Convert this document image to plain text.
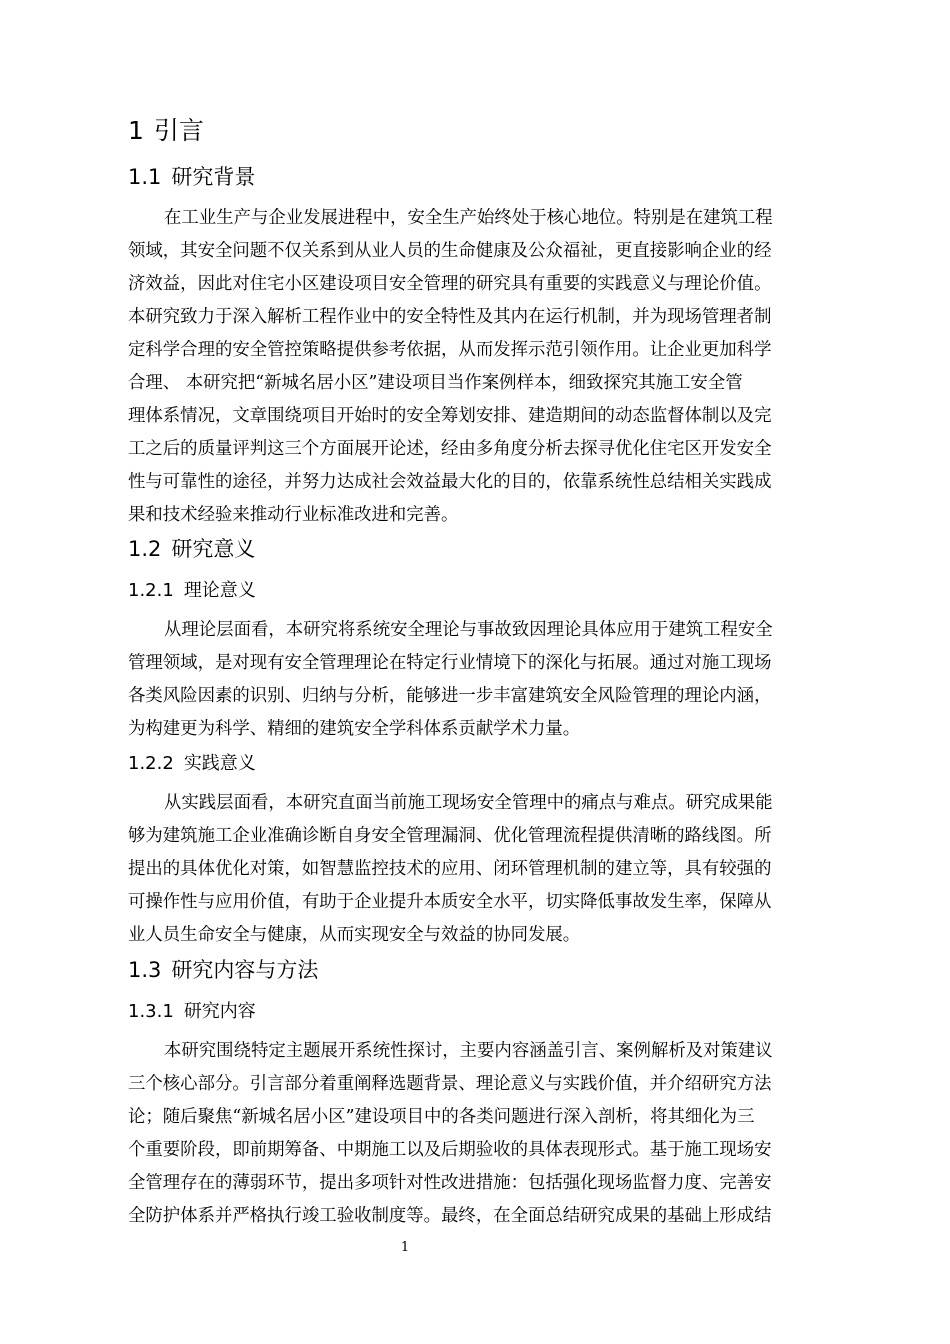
1 引言
1.1 研究背景
在工业生产与企业发展进程中，安全生产始终处于核心地位。特别是在建筑工程
领域，其安全问题不仅关系到从业人员的生命健康及公众福祉，更直接影响企业的经
济效益，因此对住宅小区建设项目安全管理的研究具有重要的实践意义与理论价值。
本研究致力于深入解析工程作业中的安全特性及其内在运行机制，并为现场管理者制
定科学合理的安全管控策略提供参考依据，从而发挥示范引领作用。让企业更加科学
合理、 本研究把“新城名居小区”建设项目当作案例样本，细致探究其施工安全管
理体系情况，文章围绕项目开始时的安全筹划安排、建造期间的动态监督体制以及完
工之后的质量评判这三个方面展开论述，经由多角度分析去探寻优化住宅区开发安全
性与可靠性的途径，并努力达成社会效益最大化的目的，依靠系统性总结相关实践成
果和技术经验来推动行业标准改进和完善。
1.2 研究意义
1.2.1 理论意义
从理论层面看，本研究将系统安全理论与事故致因理论具体应用于建筑工程安全
管理领域，是对现有安全管理理论在特定行业情境下的深化与拓展。通过对施工现场
各类风险因素的识别、归纳与分析，能够进一步丰富建筑安全风险管理的理论内涵，
为构建更为科学、精细的建筑安全学科体系贡献学术力量。
1.2.2 实践意义
从实践层面看，本研究直面当前施工现场安全管理中的痛点与难点。研究成果能
够为建筑施工企业准确诊断自身安全管理漏洞、优化管理流程提供清晰的路线图。所
提出的具体优化对策，如智慧监控技术的应用、闭环管理机制的建立等，具有较强的
可操作性与应用价值，有助于企业提升本质安全水平，切实降低事故发生率，保障从
业人员生命安全与健康，从而实现安全与效益的协同发展。
1.3 研究内容与方法
1.3.1 研究内容
本研究围绕特定主题展开系统性探讨，主要内容涵盖引言、案例解析及对策建议
三个核心部分。引言部分着重阐释选题背景、理论意义与实践价值，并介绍研究方法
论；随后聚焦“新城名居小区”建设项目中的各类问题进行深入剖析，将其细化为三
个重要阶段，即前期筹备、中期施工以及后期验收的具体表现形式。基于施工现场安
全管理存在的薄弱环节，提出多项针对性改进措施：包括强化现场监督力度、完善安
全防护体系并严格执行竣工验收制度等。最终，在全面总结研究成果的基础上形成结
1
